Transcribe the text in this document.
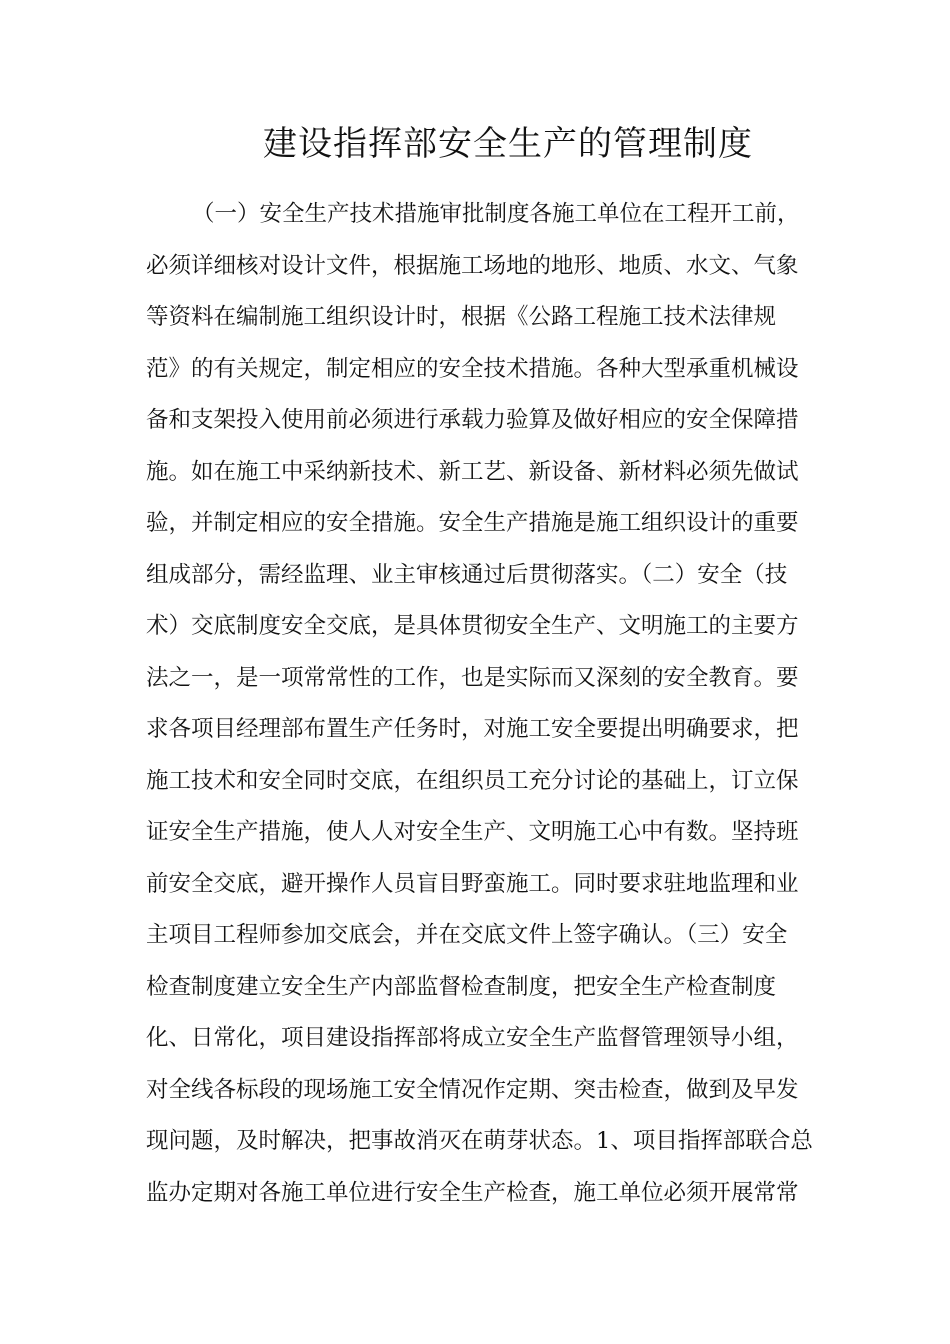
建设指挥部安全生产的管理制度
（一）安全生产技术措施审批制度各施工单位在工程开工前，
必须详细核对设计文件，根据施工场地的地形、地质、水文、气象
等资料在编制施工组织设计时，根据《公路工程施工技术法律规
范》的有关规定，制定相应的安全技术措施。各种大型承重机械设
备和支架投入使用前必须进行承载力验算及做好相应的安全保障措
施。如在施工中采纳新技术、新工艺、新设备、新材料必须先做试
验，并制定相应的安全措施。安全生产措施是施工组织设计的重要
组成部分，需经监理、业主审核通过后贯彻落实。（二）安全（技
术）交底制度安全交底，是具体贯彻安全生产、文明施工的主要方
法之一，是一项常常性的工作，也是实际而又深刻的安全教育。要
求各项目经理部布置生产任务时，对施工安全要提出明确要求，把
施工技术和安全同时交底，在组织员工充分讨论的基础上，订立保
证安全生产措施，使人人对安全生产、文明施工心中有数。坚持班
前安全交底，避开操作人员盲目野蛮施工。同时要求驻地监理和业
主项目工程师参加交底会，并在交底文件上签字确认。（三）安全
检查制度建立安全生产内部监督检查制度，把安全生产检查制度
化、日常化，项目建设指挥部将成立安全生产监督管理领导小组，
对全线各标段的现场施工安全情况作定期、突击检查，做到及早发
现问题，及时解决，把事故消灭在萌芽状态。1、项目指挥部联合总
监办定期对各施工单位进行安全生产检查，施工单位必须开展常常
